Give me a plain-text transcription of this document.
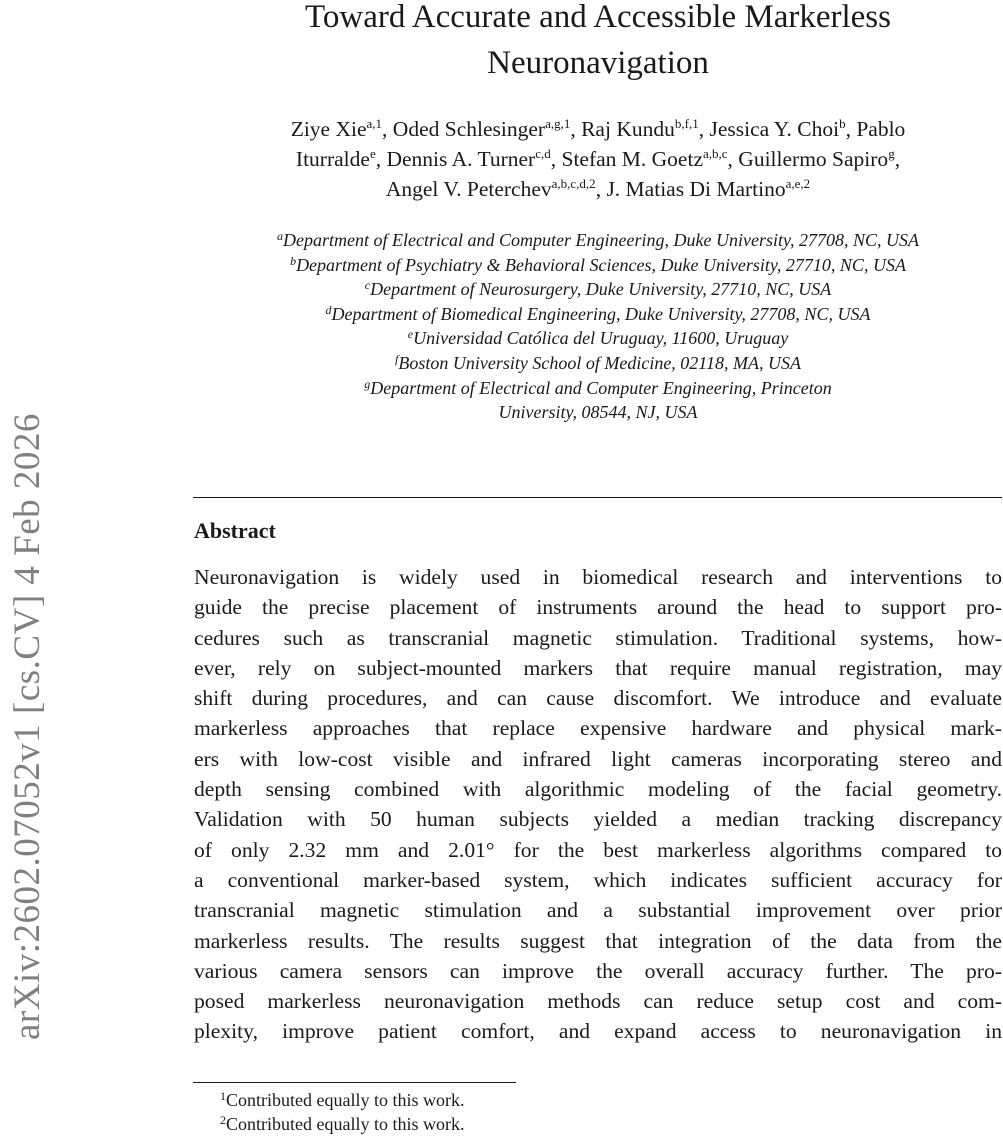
arXiv:2602.07052v1 [cs.CV] 4 Feb 2026
Toward Accurate and Accessible Markerless
Neuronavigation
Ziye Xie$^{a,1}$, Oded Schlesinger$^{a,g,1}$, Raj Kundu$^{b,f,1}$, Jessica Y. Choi$^b$, Pablo
Iturralde$^e$, Dennis A. Turner$^{c,d}$, Stefan M. Goetz$^{a,b,c}$, Guillermo Sapiro$^g$,
Angel V. Peterchev$^{a,b,c,d,2}$, J. Matias Di Martino$^{a,e,2}$
$^a$Department of Electrical and Computer Engineering, Duke University, 27708, NC, USA
$^b$Department of Psychiatry & Behavioral Sciences, Duke University, 27710, NC, USA
$^c$Department of Neurosurgery, Duke University, 27710, NC, USA
$^d$Department of Biomedical Engineering, Duke University, 27708, NC, USA
$^e$Universidad Católica del Uruguay, 11600, Uruguay
$^f$Boston University School of Medicine, 02118, MA, USA
$^g$Department of Electrical and Computer Engineering, Princeton
University, 08544, NJ, USA
Abstract
Neuronavigation is widely used in biomedical research and interventions to
guide the precise placement of instruments around the head to support pro-
cedures such as transcranial magnetic stimulation. Traditional systems, how-
ever, rely on subject-mounted markers that require manual registration, may
shift during procedures, and can cause discomfort. We introduce and evaluate
markerless approaches that replace expensive hardware and physical mark-
ers with low-cost visible and infrared light cameras incorporating stereo and
depth sensing combined with algorithmic modeling of the facial geometry.
Validation with 50 human subjects yielded a median tracking discrepancy
of only 2.32 mm and 2.01° for the best markerless algorithms compared to
a conventional marker-based system, which indicates sufficient accuracy for
transcranial magnetic stimulation and a substantial improvement over prior
markerless results. The results suggest that integration of the data from the
various camera sensors can improve the overall accuracy further. The pro-
posed markerless neuronavigation methods can reduce setup cost and com-
plexity, improve patient comfort, and expand access to neuronavigation in
$^1$Contributed equally to this work.
$^2$Contributed equally to this work.
